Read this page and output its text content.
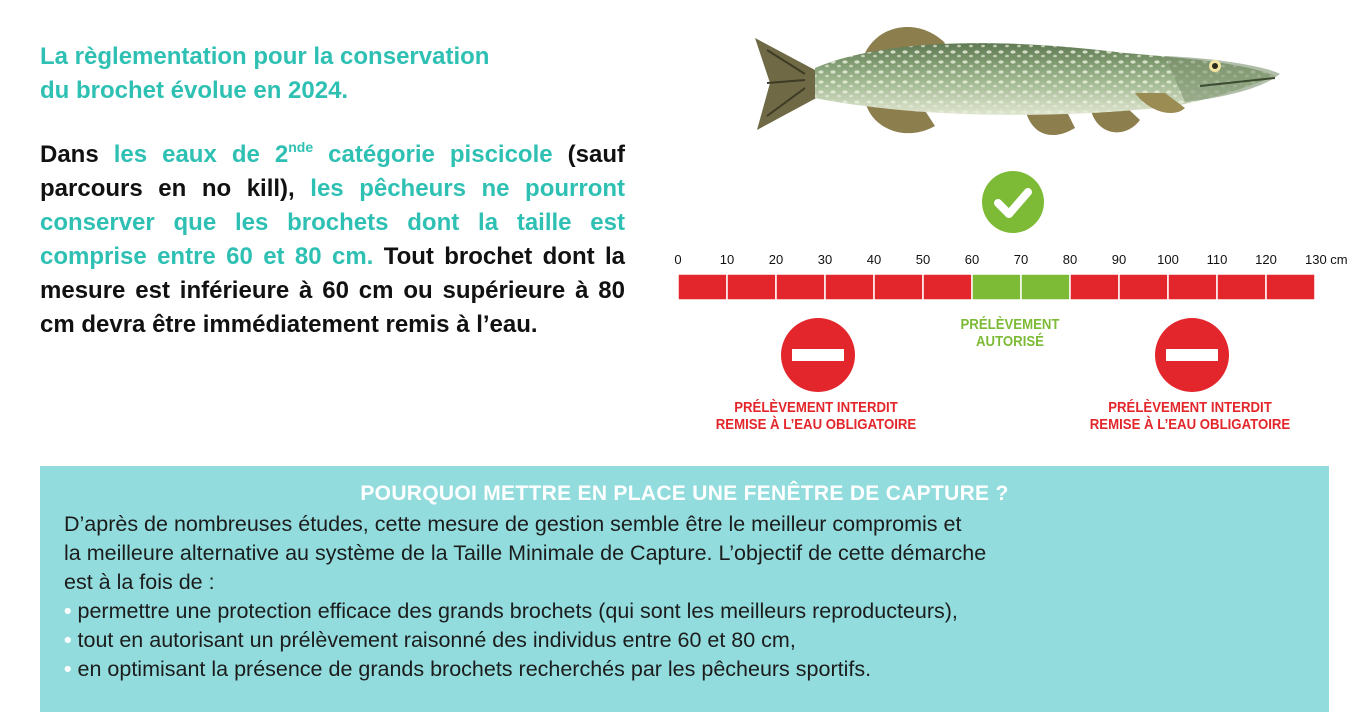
La règlementation pour la conservation
du brochet évolue en 2024.

Dans les eaux de 2nde catégorie piscicole (sauf parcours en no kill), les pêcheurs ne pourront conserver que les brochets dont la taille est comprise entre 60 et 80 cm. Tout brochet dont la mesure est inférieure à 60 cm ou supérieure à 80 cm devra être immédiatement remis à l’eau.

0	10	20	30	40	50	60	70	80	90 100 110 120 130 cm
PRÉLÈVEMENT
AUTORISÉ
PRÉLÈVEMENT INTERDIT
REMISE À L’EAU OBLIGATOIRE
PRÉLÈVEMENT INTERDIT
REMISE À L’EAU OBLIGATOIRE
POURQUOI METTRE EN PLACE UNE FENÊTRE DE CAPTURE ?

D’après de nombreuses études, cette mesure de gestion semble être le meilleur compromis et

la meilleure alternative au système de la Taille Minimale de Capture. L’objectif de cette démarche

est à la fois de :

• permettre une protection efficace des grands brochets (qui sont les meilleurs reproducteurs),
• tout en autorisant un prélèvement raisonné des individus entre 60 et 80 cm,
• en optimisant la présence de grands brochets recherchés par les pêcheurs sportifs.
